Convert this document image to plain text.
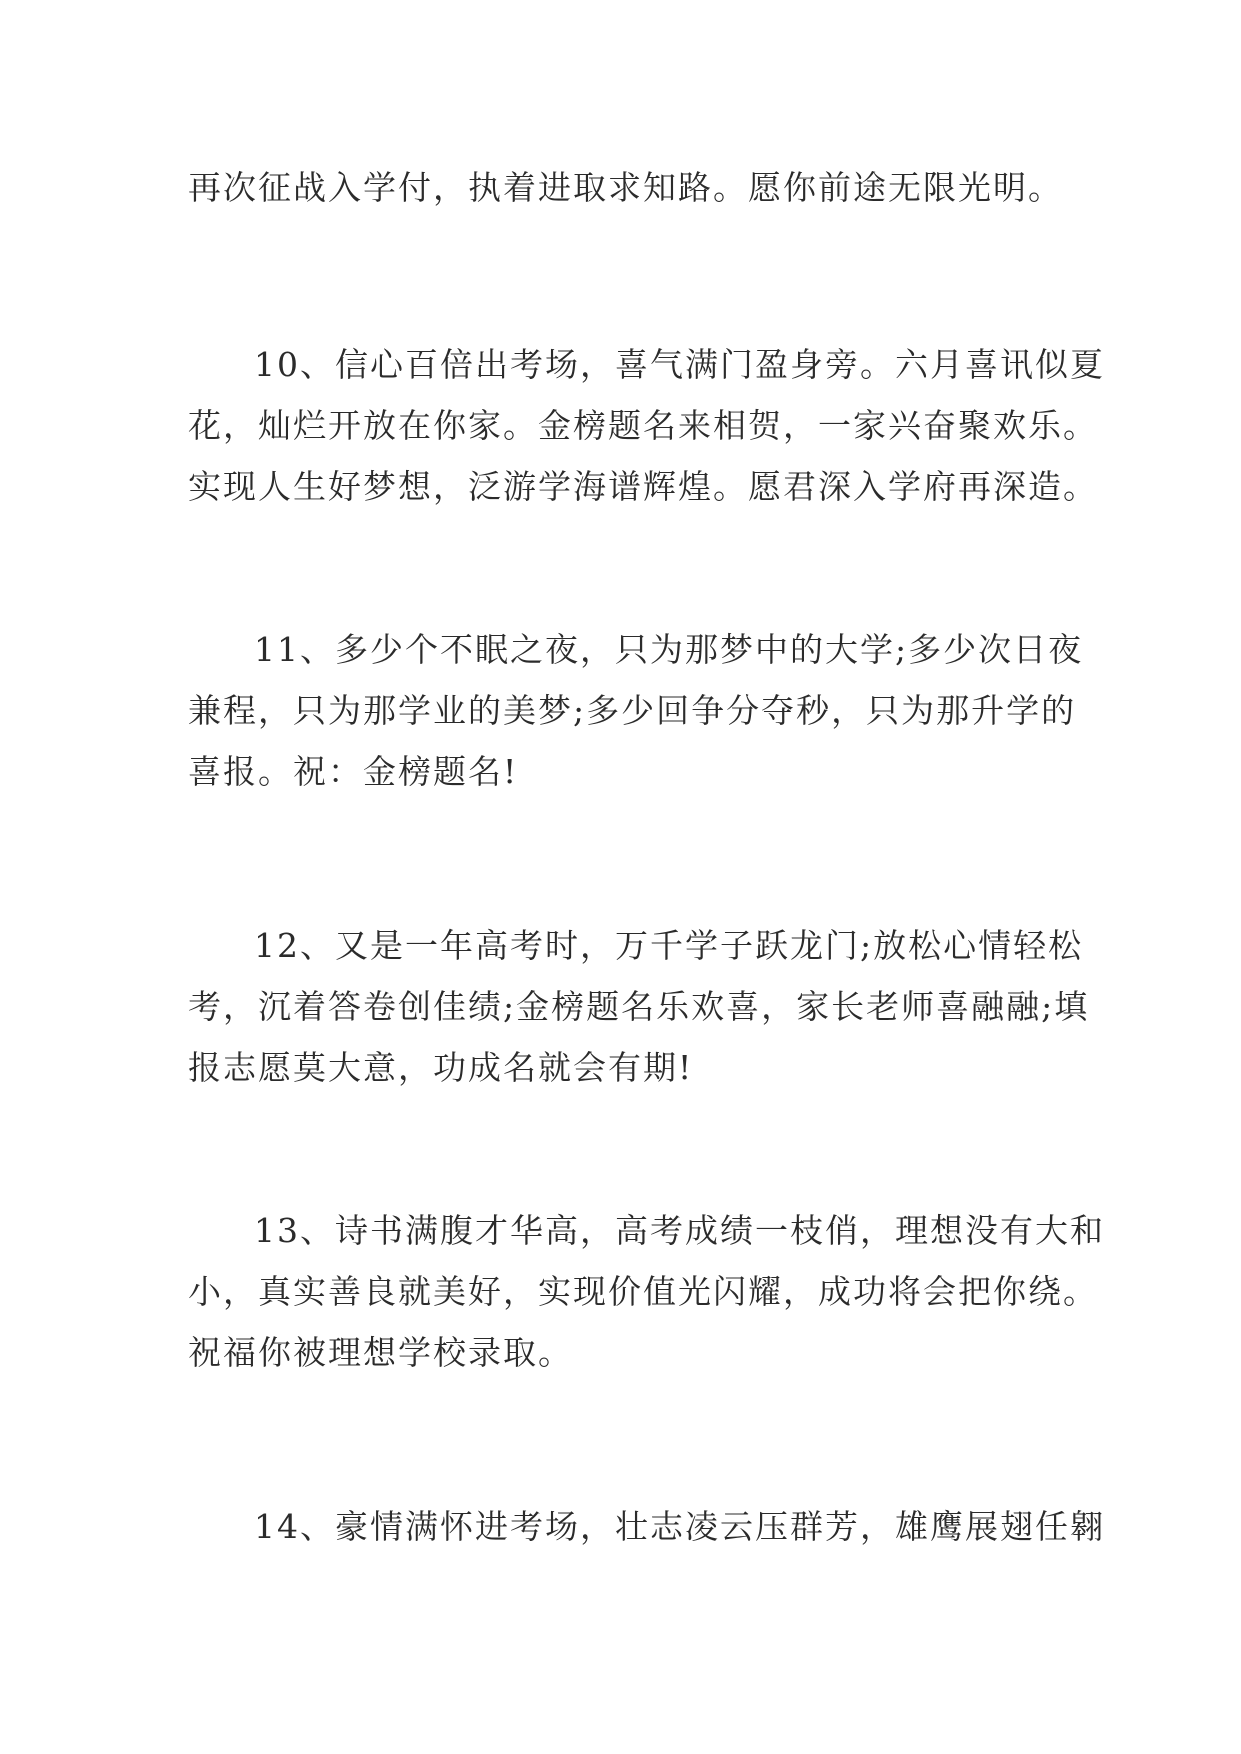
再次征战入学付，执着进取求知路。愿你前途无限光明。
10、信心百倍出考场，喜气满门盈身旁。六月喜讯似夏
花，灿烂开放在你家。金榜题名来相贺，一家兴奋聚欢乐。
实现人生好梦想，泛游学海谱辉煌。愿君深入学府再深造。
11、多少个不眠之夜，只为那梦中的大学;多少次日夜
兼程，只为那学业的美梦;多少回争分夺秒，只为那升学的
喜报。祝：金榜题名!
12、又是一年高考时，万千学子跃龙门;放松心情轻松
考，沉着答卷创佳绩;金榜题名乐欢喜，家长老师喜融融;填
报志愿莫大意，功成名就会有期!
13、诗书满腹才华高，高考成绩一枝俏，理想没有大和
小，真实善良就美好，实现价值光闪耀，成功将会把你绕。
祝福你被理想学校录取。
14、豪情满怀进考场，壮志凌云压群芳，雄鹰展翅任翱
